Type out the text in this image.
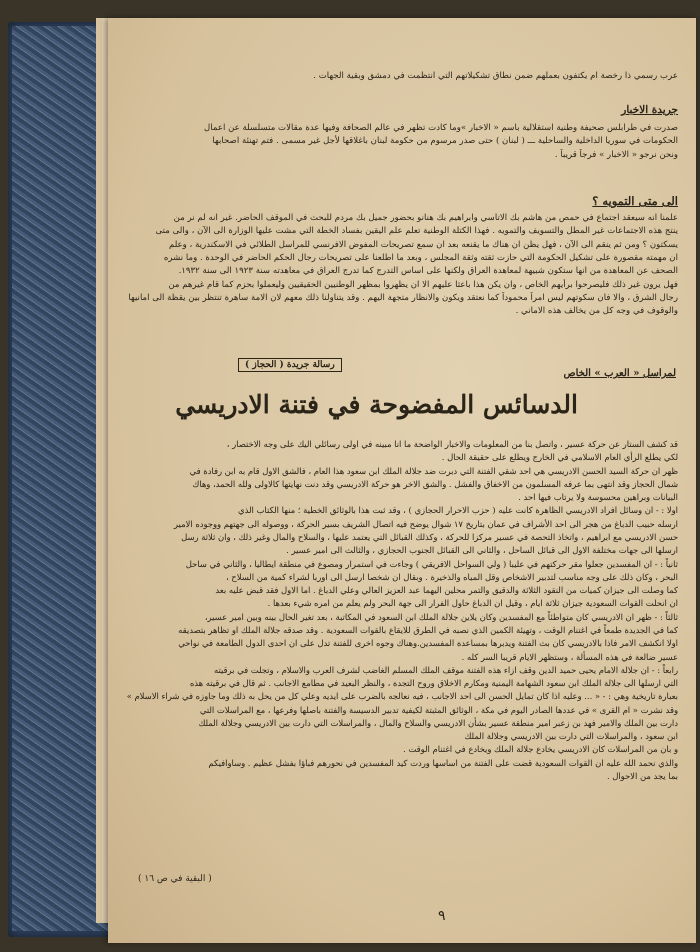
عرب رسمي ذا رخصة ام يكتفون بعملهم ضمن نطاق تشكيلاتهم التي انتظمت في دمشق وبقية الجهات .
جريدة الاخبار
صدرت في طرابلس صحيفة وطنية استقلالية باسم « الاخبار »وما كادت تظهر في عالم الصحافة وفيها عدة مقالات متسلسلة عن اعمال
الحكومات في سوريا الداخلية والساحلية ـــ ( لبنان ) حتى صدر مرسوم من حكومة لبنان باغلاقها لأجل غير مسمى . فتم تهنئة اصحابها
ونحن نرجو « الاخبار » فرجاً قريباً .
الى متى التمويه ؟
علمنا انه سيعقد اجتماع في حمص من هاشم بك الاتاسي وابراهيم بك هنانو بحضور جميل بك مردم للبحث في الموقف الحاضر. غير انه لم نر من
ينتج هذه الاجتماعات غير المطل والتسويف والتمويه . فهذا الكتلة الوطنية تعلم علم اليقين بفساد الخطة التي مشت عليها الوزارة الى الآن ، والى متى
يسكتون ؟ ومن ثم ينقم الى الآن ، فهل يظن ان هناك ما يقنعه بعد ان سمع تصريحات المفوض الافرنسي للمراسل الطلائي في الاسكندرية ، وعلم
ان مهمته مقصورة على تشكيل الحكومة التي حازت ثقته وثقة المجلس ، وبعد ما اطلعنا على تصريحات رجال الحكم الحاضر في الوحدة . وما نشره
الصحف عن المعاهدة من انها ستكون شبيهة لمعاهدة العراق ولكنها على اساس التدرج كما تدرج العراق في معاهدته سنة ١٩٢٣ الى سنة ١٩٣٢.
فهل يرون غير ذلك فليصرحوا برأيهم الخاص ، وان يكن هذا باعثا عليهم الا ان يظهروا بمظهر الوطنيين الحقيقيين وليعملوا بحزم كما قام غيرهم من
رجال الشرق ، والا فان سكوتهم ليس امراً محموداً كما نعتقد ويكون والانظار متجهة اليهم . وقد يتناولنا ذلك معهم لان الامة ساهرة تنتظر بين يقظة الى امانيها
والوقوف في وجه كل من يخالف هذه الاماني .
رسالة جريدة ( الحجاز )
لمراسل « العرب » الخاص
الدسائس المفضوحة في فتنة الادريسي
قد كشف الستار عن حركة عسير ، واتصل بنا من المعلومات والاخبار الواضحة ما انا مبينه في اولى رسائلي اليك على وجه الاختصار ،
لكي يطلع الرأي العام الاسلامي في الخارج ويطلع على حقيقة الحال .
ظهر ان حركة السيد الحسن الادريسي هي احد شقي الفتنة التي دبرت ضد جلالة الملك ابن سعود هذا العام ، فالشق الاول قام به ابن رفادة في
شمال الحجاز وقد انتهى بما عرفه المسلمون من الاخفاق والفشل . والشق الاخر هو حركة الادريسي وقد دنت نهايتها كالاولى ولله الحمد، وهاك
البيانات وبراهين محسوسة ولا يرتاب فيها احد .
اولا : - ان وسائل افراد الادريسي الظاهرة كانت عليه ( حزب الاحرار الحجازي ) ، وقد ثبت هذا بالوثائق الخطية ؛ منها الكتاب الذي
ارسله حبيب الدباغ من هجر الى احد الأشراف في عمان بتاريخ ١٧ شوال يوضح فيه اتصال الشريف بسير الحركة ، ووصوله الى جهتهم ووجوده الامير
حسن الادريسي مع ابراهيم ، واتخاذ التحصة في عسير مركزا للحركة ، وكذلك القبائل التي يعتمد عليها ، والسلاح والمال وغير ذلك ، وان ثلاثة رسل
ارسلها الى جهات مختلفة الاول الى قبائل الساحل ، والثاني الى القبائل الجنوب الحجازي ، والثالث الى امير عسير .
ثانياً : - ان المفسدين جعلوا مقر حركتهم في عليبا ( ولي السواحل الافريقي ) وجاءت في استمرار ومصوع في منطقة ايطاليا ، والثاني في ساحل
البحر ، وكان ذلك على وجه مناسب لتدبير الاشخاص وقل المياه والذخيرة . وبقال ان شخصا ارسل الى اوربا لشراء كمية من السلاح ،
كما وصلت الى جيزان كميات من النقود الثلاثة والدقيق والتمر محلين اليهما عبد العزيز العالي وعلي الدباغ . اما الاول فقد قبض عليه بعد
ان انحلت القوات السعودية جيزان ثلاثة ايام ، وقيل ان الدباغ حاول الفرار الى جهة البحر ولم يعلم من امره شيء بعدها .
ثالثاً : - ظهر ان الادريسي كان متواطئاً مع المفسدين وكان يلاين جلالة الملك ابن السعود في المكاتبة ، بعد تغير الحال بينه وبين امير عسير،
كما في الجديدة طمعاً في اغتنام الوقت ، وتهيئة الكمين الذي نصبه في الطرق للايقاع بالقوات السعودية . وقد صدقه جلالة الملك او تظاهر بتصديقه
اولا انكشف الامر فاذا بالادريسي كان بث الفتنة ويدبرها بمساعدة المفسدين.وهناك وجوه اخرى للفتنة تدل على ان احدى الدول الطامعة في نواحي
عسير ضالعة في هذه المسألة ، وستظهر الايام قريبا السر كله .
رابعاً : - ان جلالة الامام يحيى حميد الدين وقف ازاء هذه الفتنة موقف الملك المسلم الغاضب لشرف العرب والاسلام ، وتجلت في برقيته
التي ارسلها الى جلالة الملك ابن سعود الشهامة اليمنية ومكارم الاخلاق وروح التجدة ، والنظر البعيد في مطامع الاجانب . ثم قال في برقيته هذه
بعبارة تاريخية وهي : - « ... وعليه اذا كان تمايل الحسن الى احد الاجانب ، فيه نعالجه بالضرب على ايديه وعلي كل من يحل به ذلك وما جاوزه في شراء الاسلام »
وقد نشرت « ام القرى » في عددها الصادر اليوم في مكة ، الوثائق المثبتة لكيفية تدبير الدسيسة والفتنة باصلها وفرعها ، مع المراسلات التي
دارت بين الملك والامير فهد بن زعبر امير منطقة عسير بشأن الادريسي والسلاح والمال ، والمراسلات التي دارت بين الادريسي وجلالة الملك
ابن سعود ، والمراسلات التي دارت بين الادريسي وجلالة الملك
و بان من المراسلات كان الادريسي يخادع جلالة الملك ويخادع في اغتنام الوقت .
والذي نحمد الله عليه ان القوات السعودية قضت على الفتنة من اساسها وردت كيد المفسدين في نحورهم فباؤا بفشل عظيم . وساوافيكم
بما يجد من الاحوال .
( البقية في ص ١٦ )
٩
